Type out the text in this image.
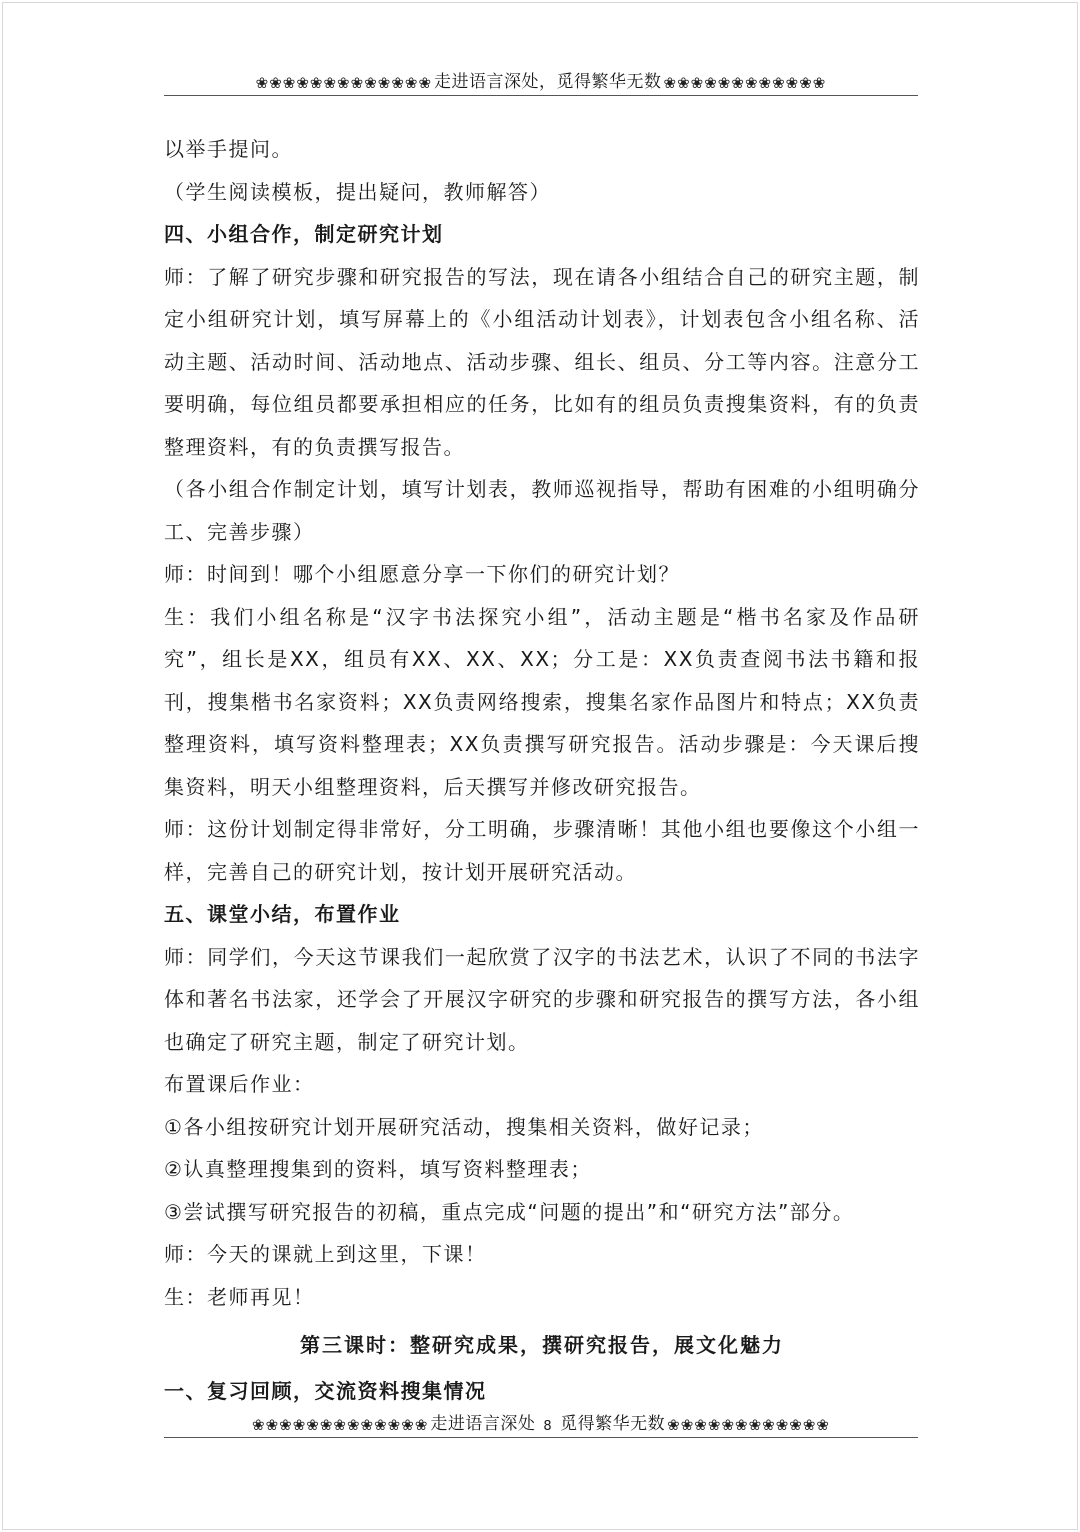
❀❀❀❀❀❀❀❀❀❀❀❀❀ 走进语言深处，觅得繁华无数 ❀❀❀❀❀❀❀❀❀❀❀❀

以举手提问。

（学生阅读模板，提出疑问，教师解答）

四、小组合作，制定研究计划

师：了解了研究步骤和研究报告的写法，现在请各小组结合自己的研究主题，制定小组研究计划，填写屏幕上的《小组活动计划表》，计划表包含小组名称、活动主题、活动时间、活动地点、活动步骤、组长、组员、分工等内容。注意分工要明确，每位组员都要承担相应的任务，比如有的组员负责搜集资料，有的负责整理资料，有的负责撰写报告。

（各小组合作制定计划，填写计划表，教师巡视指导，帮助有困难的小组明确分工、完善步骤）

师：时间到！哪个小组愿意分享一下你们的研究计划？

生：我们小组名称是“汉字书法探究小组”，活动主题是“楷书名家及作品研究”，组长是XX，组员有XX、XX、XX；分工是：XX负责查阅书法书籍和报刊，搜集楷书名家资料；XX负责网络搜索，搜集名家作品图片和特点；XX负责整理资料，填写资料整理表；XX负责撰写研究报告。活动步骤是：今天课后搜集资料，明天小组整理资料，后天撰写并修改研究报告。

师：这份计划制定得非常好，分工明确，步骤清晰！其他小组也要像这个小组一样，完善自己的研究计划，按计划开展研究活动。

五、课堂小结，布置作业

师：同学们，今天这节课我们一起欣赏了汉字的书法艺术，认识了不同的书法字体和著名书法家，还学会了开展汉字研究的步骤和研究报告的撰写方法，各小组也确定了研究主题，制定了研究计划。

布置课后作业：

①各小组按研究计划开展研究活动，搜集相关资料，做好记录；

②认真整理搜集到的资料，填写资料整理表；

③尝试撰写研究报告的初稿，重点完成“问题的提出”和“研究方法”部分。

师：今天的课就上到这里，下课！

生：老师再见！

第三课时：整研究成果，撰研究报告，展文化魅力

一、复习回顾，交流资料搜集情况

❀❀❀❀❀❀❀❀❀❀❀❀❀ 走进语言深处 8 觅得繁华无数 ❀❀❀❀❀❀❀❀❀❀❀❀
